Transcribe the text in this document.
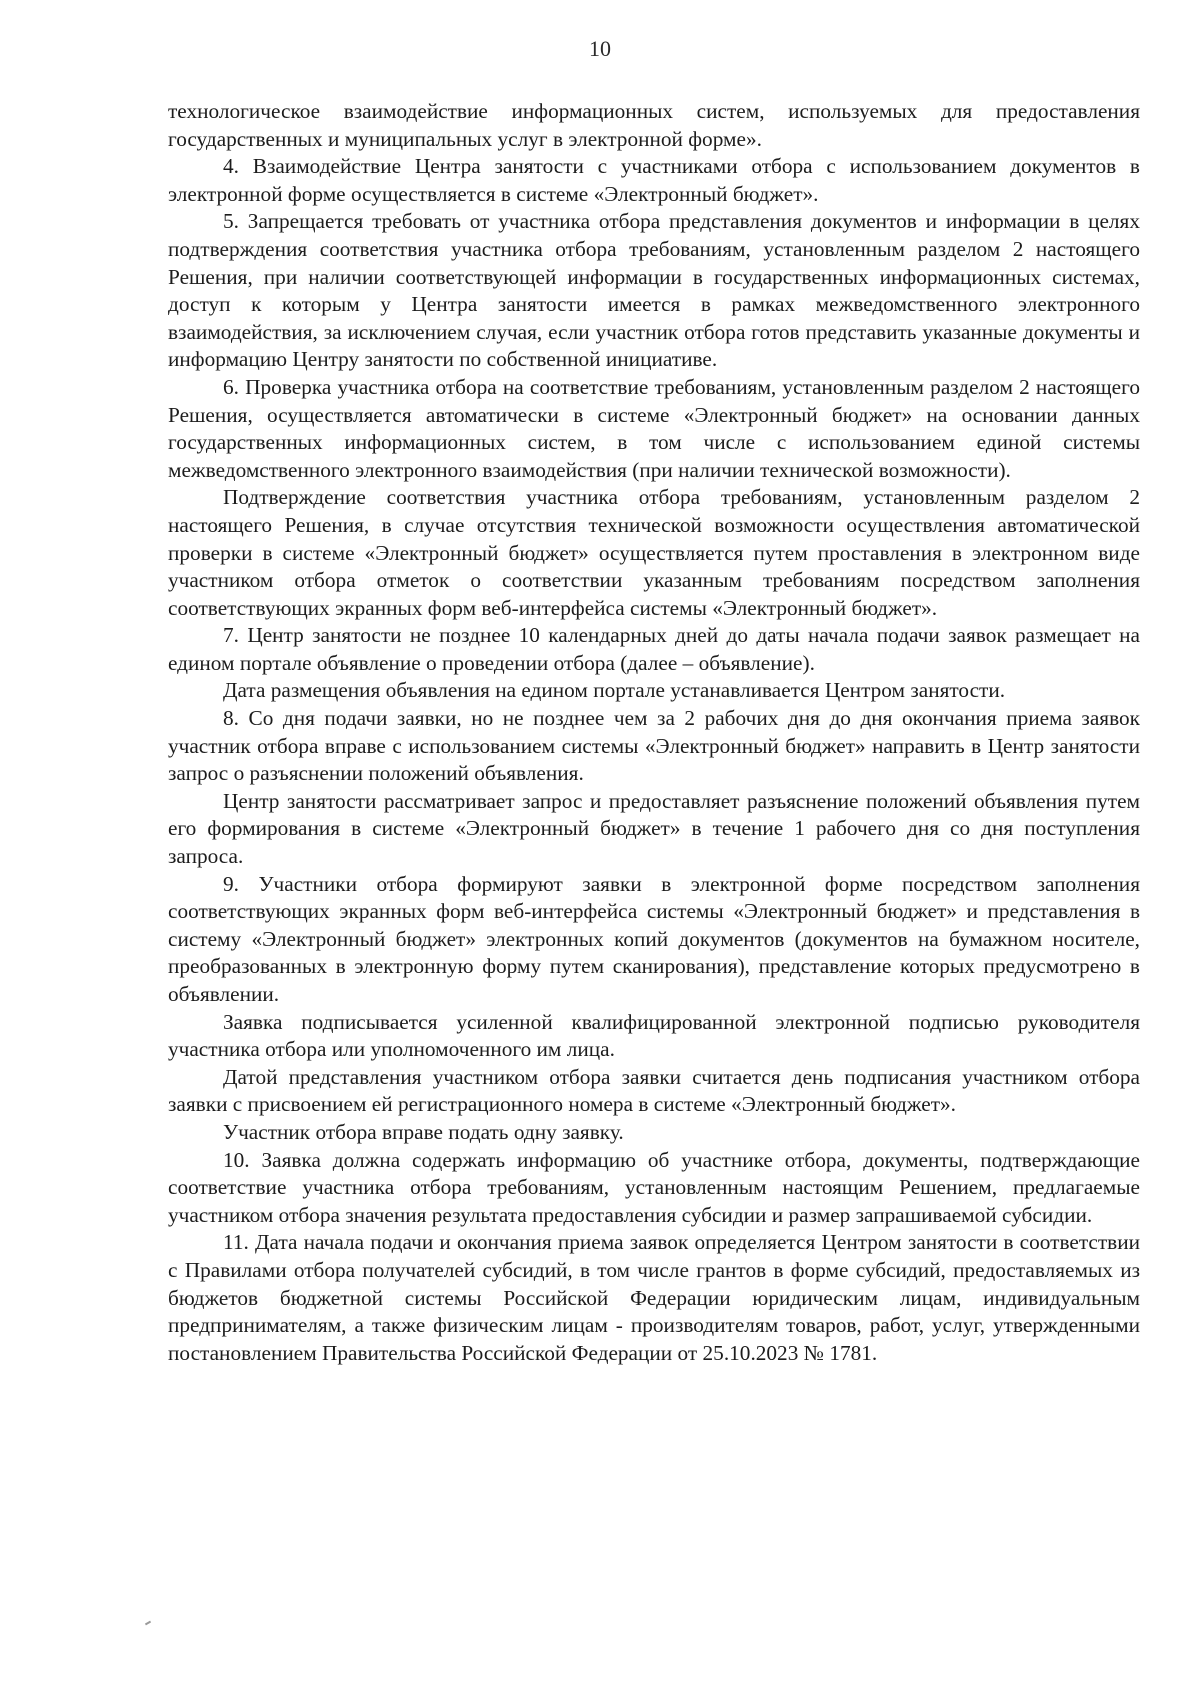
10

технологическое взаимодействие информационных систем, используемых для предоставления государственных и муниципальных услуг в электронной форме».

4. Взаимодействие Центра занятости с участниками отбора с использованием документов в электронной форме осуществляется в системе «Электронный бюджет».

5. Запрещается требовать от участника отбора представления документов и информации в целях подтверждения соответствия участника отбора требованиям, установленным разделом 2 настоящего Решения, при наличии соответствующей информации в государственных информационных системах, доступ к которым у Центра занятости имеется в рамках межведомственного электронного взаимодействия, за исключением случая, если участник отбора готов представить указанные документы и информацию Центру занятости по собственной инициативе.

6. Проверка участника отбора на соответствие требованиям, установленным разделом 2 настоящего Решения, осуществляется автоматически в системе «Электронный бюджет» на основании данных государственных информационных систем, в том числе с использованием единой системы межведомственного электронного взаимодействия (при наличии технической возможности).

Подтверждение соответствия участника отбора требованиям, установленным разделом 2 настоящего Решения, в случае отсутствия технической возможности осуществления автоматической проверки в системе «Электронный бюджет» осуществляется путем проставления в электронном виде участником отбора отметок о соответствии указанным требованиям посредством заполнения соответствующих экранных форм веб-интерфейса системы «Электронный бюджет».

7. Центр занятости не позднее 10 календарных дней до даты начала подачи заявок размещает на едином портале объявление о проведении отбора (далее – объявление).

Дата размещения объявления на едином портале устанавливается Центром занятости.

8. Со дня подачи заявки, но не позднее чем за 2 рабочих дня до дня окончания приема заявок участник отбора вправе с использованием системы «Электронный бюджет» направить в Центр занятости запрос о разъяснении положений объявления.

Центр занятости рассматривает запрос и предоставляет разъяснение положений объявления путем его формирования в системе «Электронный бюджет» в течение 1 рабочего дня со дня поступления запроса.

9. Участники отбора формируют заявки в электронной форме посредством заполнения соответствующих экранных форм веб-интерфейса системы «Электронный бюджет» и представления в систему «Электронный бюджет» электронных копий документов (документов на бумажном носителе, преобразованных в электронную форму путем сканирования), представление которых предусмотрено в объявлении.

Заявка подписывается усиленной квалифицированной электронной подписью руководителя участника отбора или уполномоченного им лица.

Датой представления участником отбора заявки считается день подписания участником отбора заявки с присвоением ей регистрационного номера в системе «Электронный бюджет».

Участник отбора вправе подать одну заявку.

10. Заявка должна содержать информацию об участнике отбора, документы, подтверждающие соответствие участника отбора требованиям, установленным настоящим Решением, предлагаемые участником отбора значения результата предоставления субсидии и размер запрашиваемой субсидии.

11. Дата начала подачи и окончания приема заявок определяется Центром занятости в соответствии с Правилами отбора получателей субсидий, в том числе грантов в форме субсидий, предоставляемых из бюджетов бюджетной системы Российской Федерации юридическим лицам, индивидуальным предпринимателям, а также физическим лицам - производителям товаров, работ, услуг, утвержденными постановлением Правительства Российской Федерации от 25.10.2023 № 1781.
